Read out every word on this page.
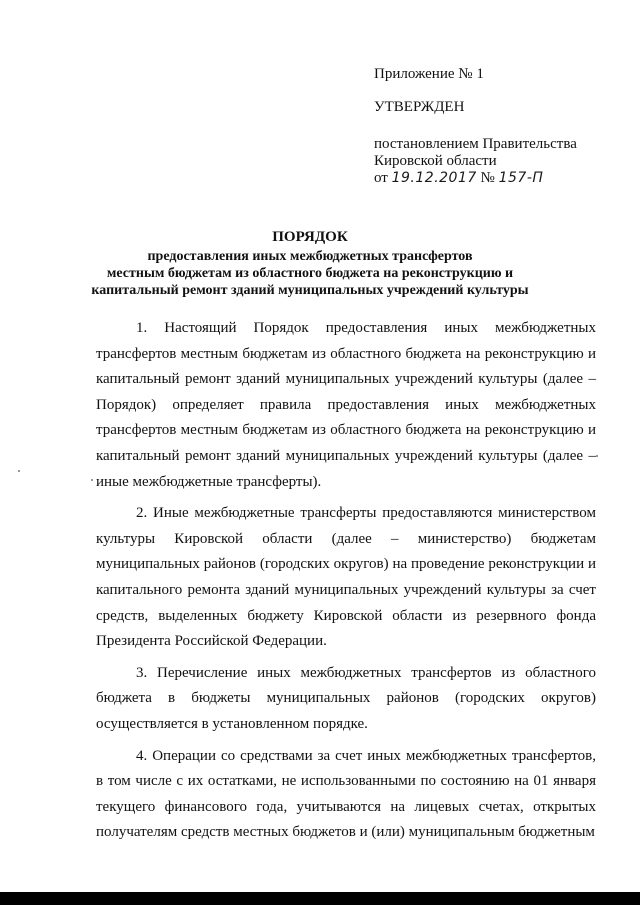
Приложение № 1
УТВЕРЖДЕН
постановлением Правительства
Кировской области
от 19.12.2017 № 157-П
ПОРЯДОК
предоставления иных межбюджетных трансфертов
местным бюджетам из областного бюджета на реконструкцию и
капитальный ремонт зданий муниципальных учреждений культуры

1. Настоящий Порядок предоставления иных межбюджетных трансфертов местным бюджетам из областного бюджета на реконструкцию и капитальный ремонт зданий муниципальных учреждений культуры (далее – Порядок) определяет правила предоставления иных межбюджетных трансфертов местным бюджетам из областного бюджета на реконструкцию и капитальный ремонт зданий муниципальных учреждений культуры (далее – иные межбюджетные трансферты).

2. Иные межбюджетные трансферты предоставляются министерством культуры Кировской области (далее – министерство) бюджетам муниципальных районов (городских округов) на проведение реконструкции и капитального ремонта зданий муниципальных учреждений культуры за счет средств, выделенных бюджету Кировской области из резервного фонда Президента Российской Федерации.

3. Перечисление иных межбюджетных трансфертов из областного бюджета в бюджеты муниципальных районов (городских округов) осуществляется в установленном порядке.

4. Операции со средствами за счет иных межбюджетных трансфертов, в том числе с их остатками, не использованными по состоянию на 01 января текущего финансового года, учитываются на лицевых счетах, открытых получателям средств местных бюджетов и (или) муниципальным бюджетным
